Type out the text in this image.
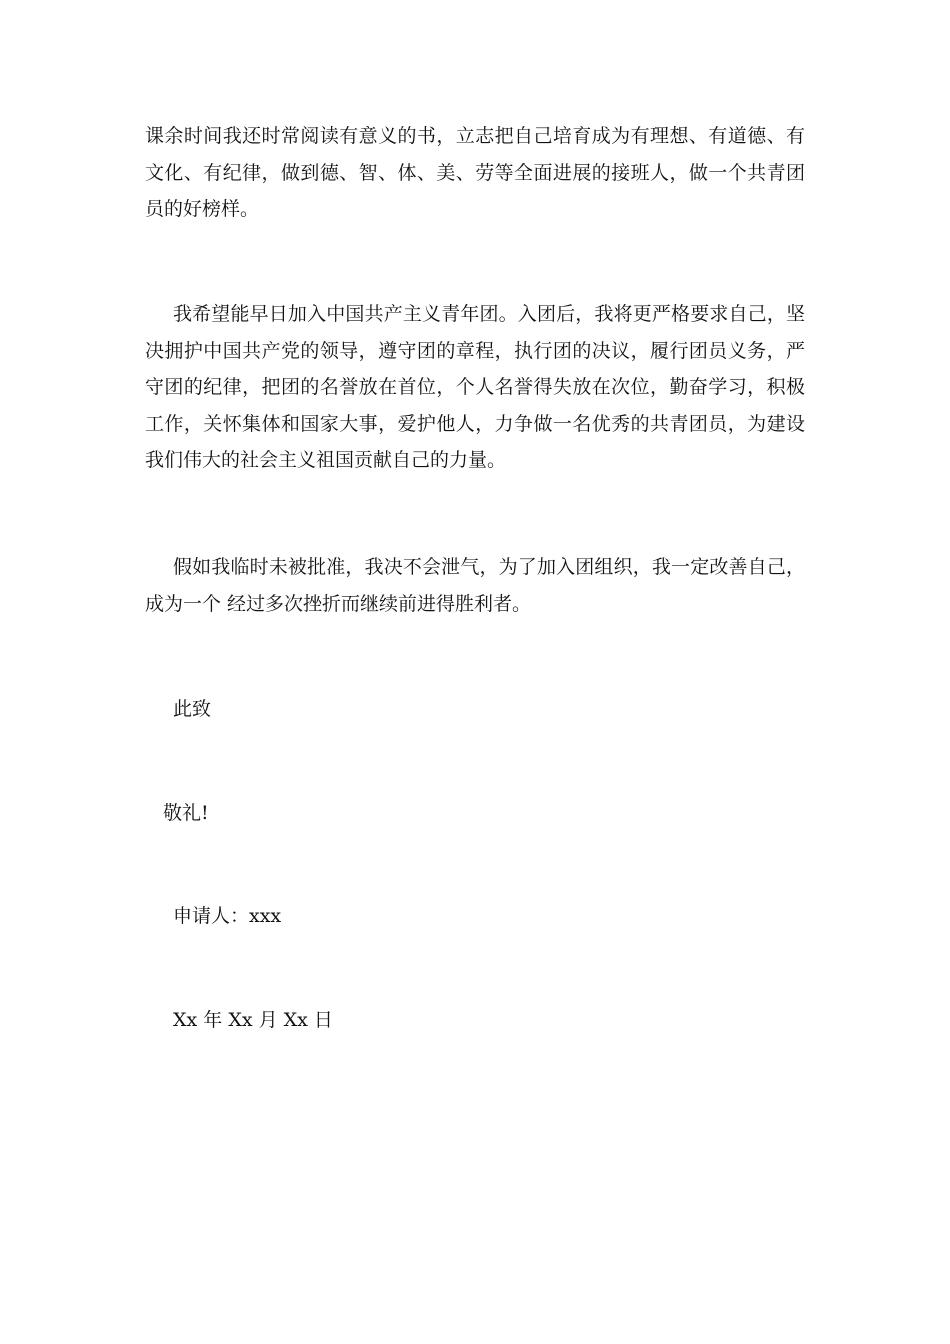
课余时间我还时常阅读有意义的书，立志把自己培育成为有理想、有道德、有文化、有纪律，做到德、智、体、美、劳等全面进展的接班人，做一个共青团员的好榜样。

我希望能早日加入中国共产主义青年团。入团后，我将更严格要求自己，坚决拥护中国共产党的领导，遵守团的章程，执行团的决议，履行团员义务，严守团的纪律，把团的名誉放在首位，个人名誉得失放在次位，勤奋学习，积极工作，关怀集体和国家大事，爱护他人，力争做一名优秀的共青团员，为建设我们伟大的社会主义祖国贡献自己的力量。

假如我临时未被批准，我决不会泄气，为了加入团组织，我一定改善自己，成为一个 经过多次挫折而继续前进得胜利者。

此致

敬礼!

申请人：xxx

Xx 年 Xx 月 Xx 日
